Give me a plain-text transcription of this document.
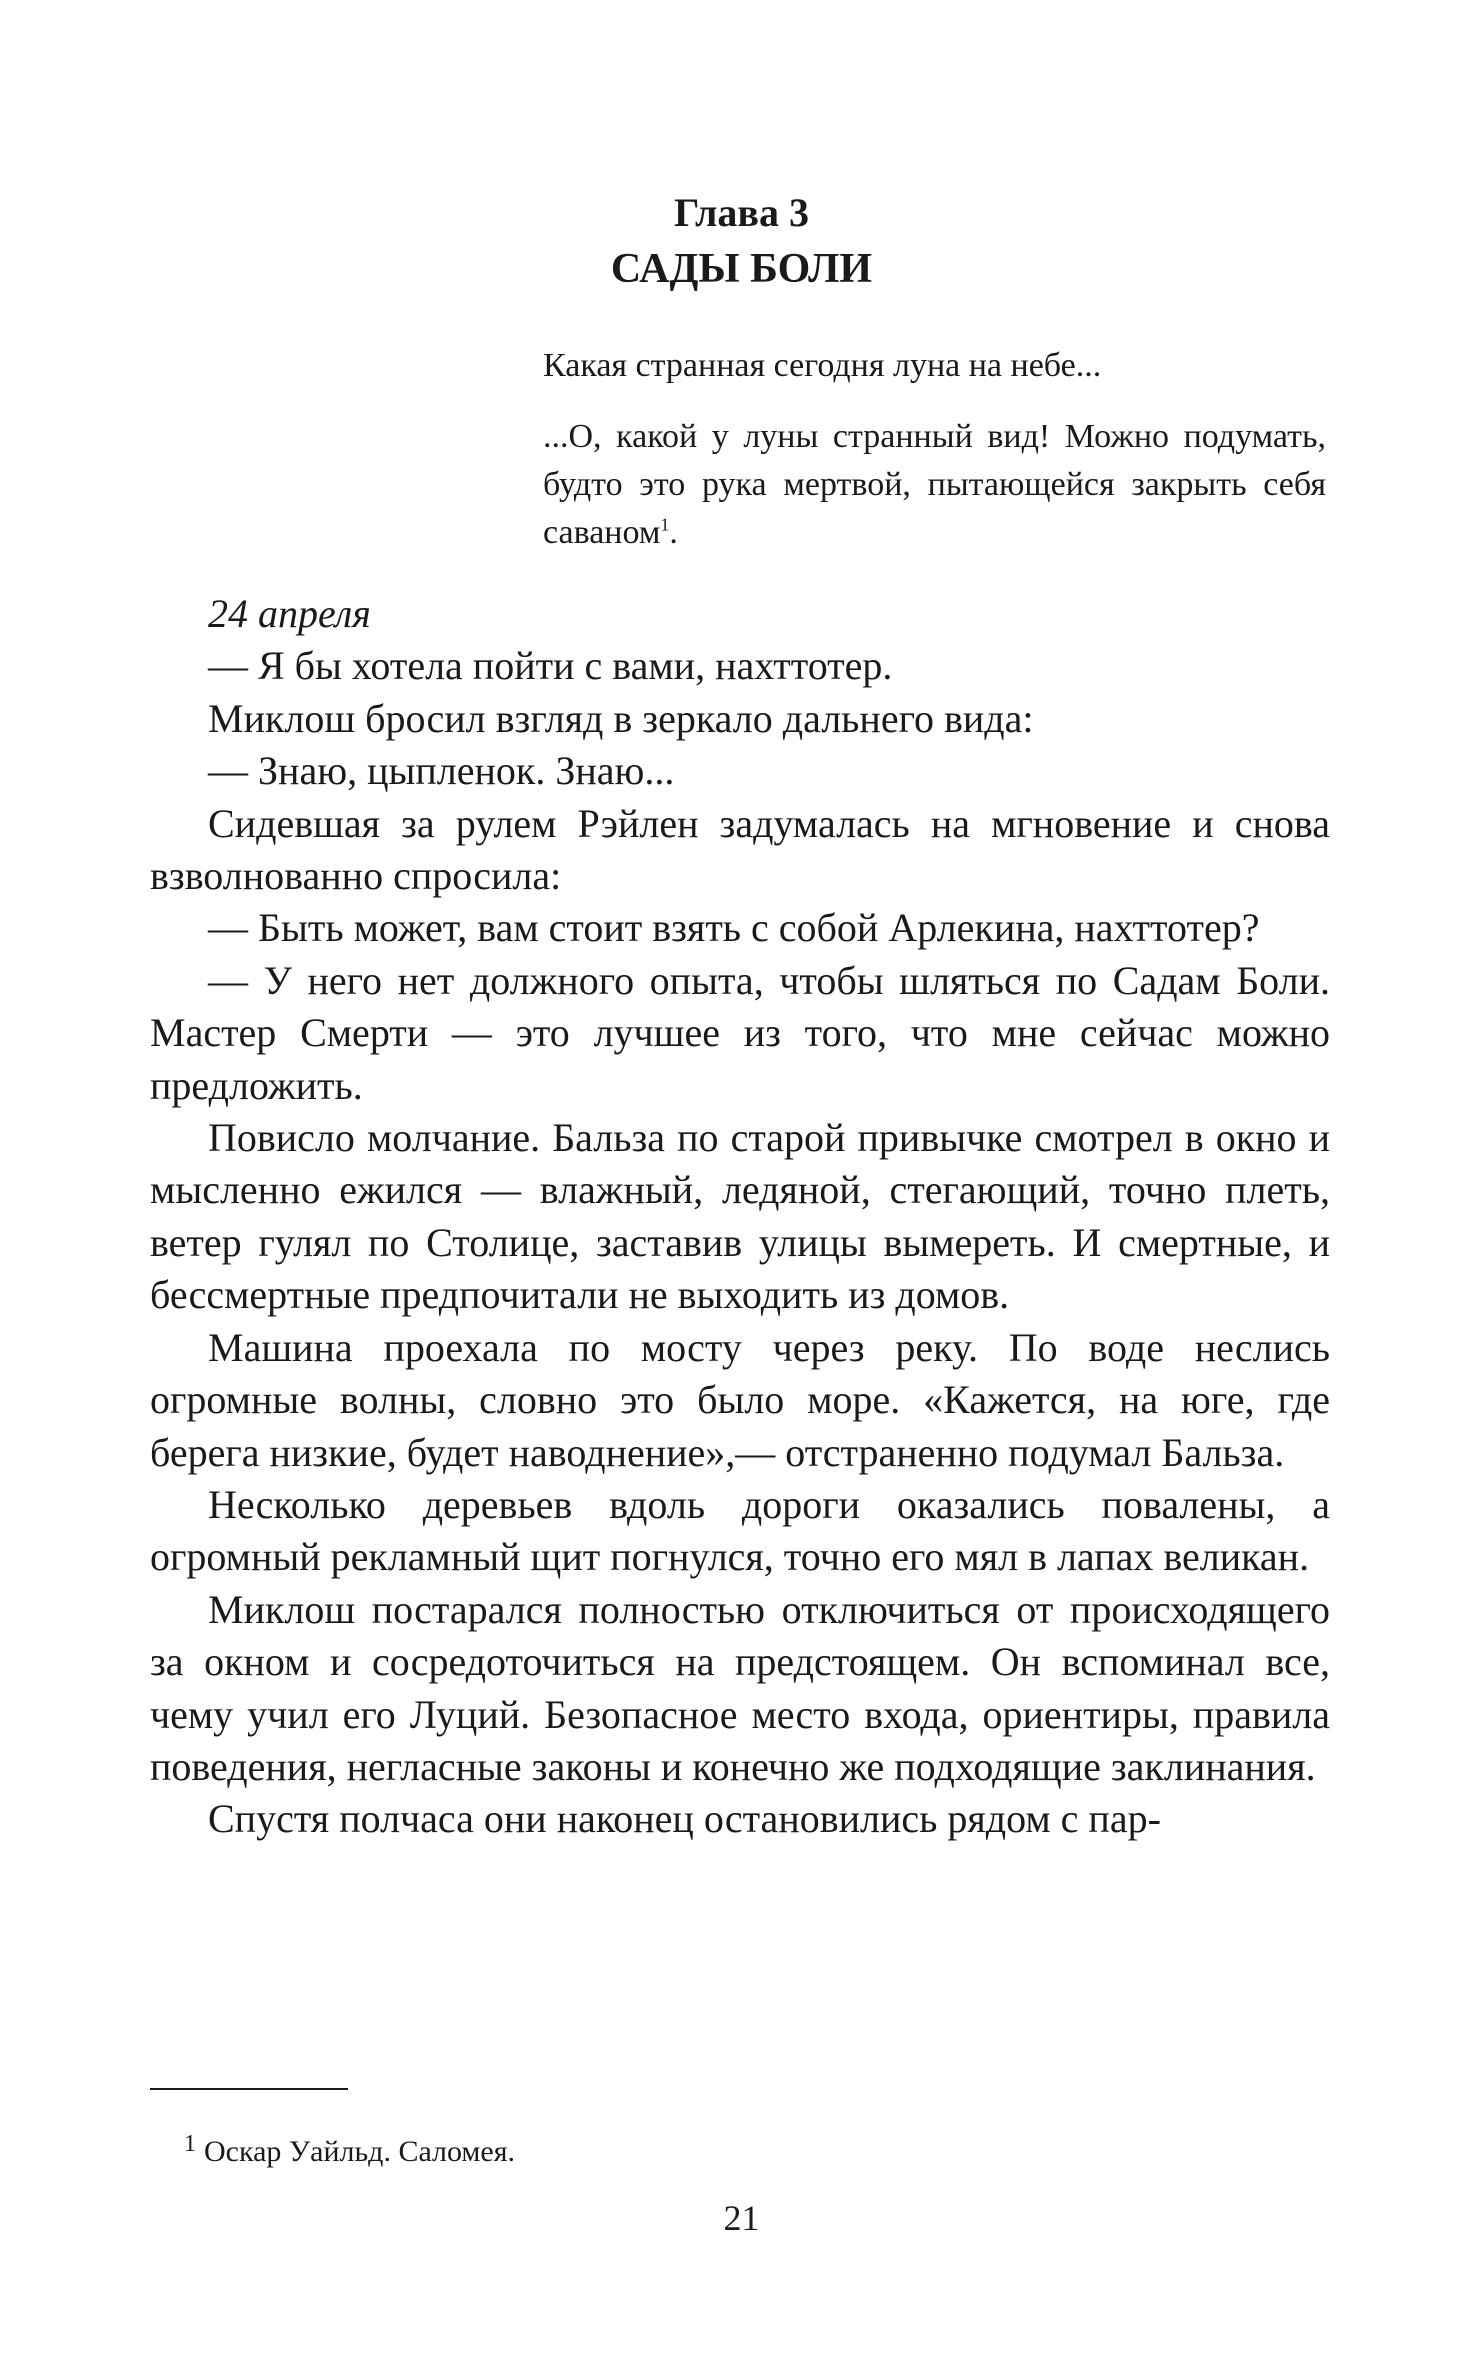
Глава 3
САДЫ БОЛИ
Какая странная сегодня луна на небе...
...О, какой у луны странный вид! Можно подумать, будто это рука мертвой, пытающейся закрыть себя саваном$^1$.

24 апреля

— Я бы хотела пойти с вами, нахттотер.

Миклош бросил взгляд в зеркало дальнего вида:

— Знаю, цыпленок. Знаю...

Сидевшая за рулем Рэйлен задумалась на мгновение и снова взволнованно спросила:

— Быть может, вам стоит взять с собой Арлекина, нахттотер?

— У него нет должного опыта, чтобы шляться по Садам Боли. Мастер Смерти — это лучшее из того, что мне сейчас можно предложить.

Повисло молчание. Бальза по старой привычке смотрел в окно и мысленно ежился — влажный, ледяной, стегающий, точно плеть, ветер гулял по Столице, заставив улицы вымереть. И смертные, и бессмертные предпочитали не выходить из домов.

Машина проехала по мосту через реку. По воде неслись огромные волны, словно это было море. «Кажется, на юге, где берега низкие, будет наводнение»,— отстраненно подумал Бальза.

Несколько деревьев вдоль дороги оказались повалены, а огромный рекламный щит погнулся, точно его мял в лапах великан.

Миклош постарался полностью отключиться от происходящего за окном и сосредоточиться на предстоящем. Он вспоминал все, чему учил его Луций. Безопасное место входа, ориентиры, правила поведения, негласные законы и конечно же подходящие заклинания.

Спустя полчаса они наконец остановились рядом с пар-

$^1$ Оскар Уайльд. Саломея.
21
